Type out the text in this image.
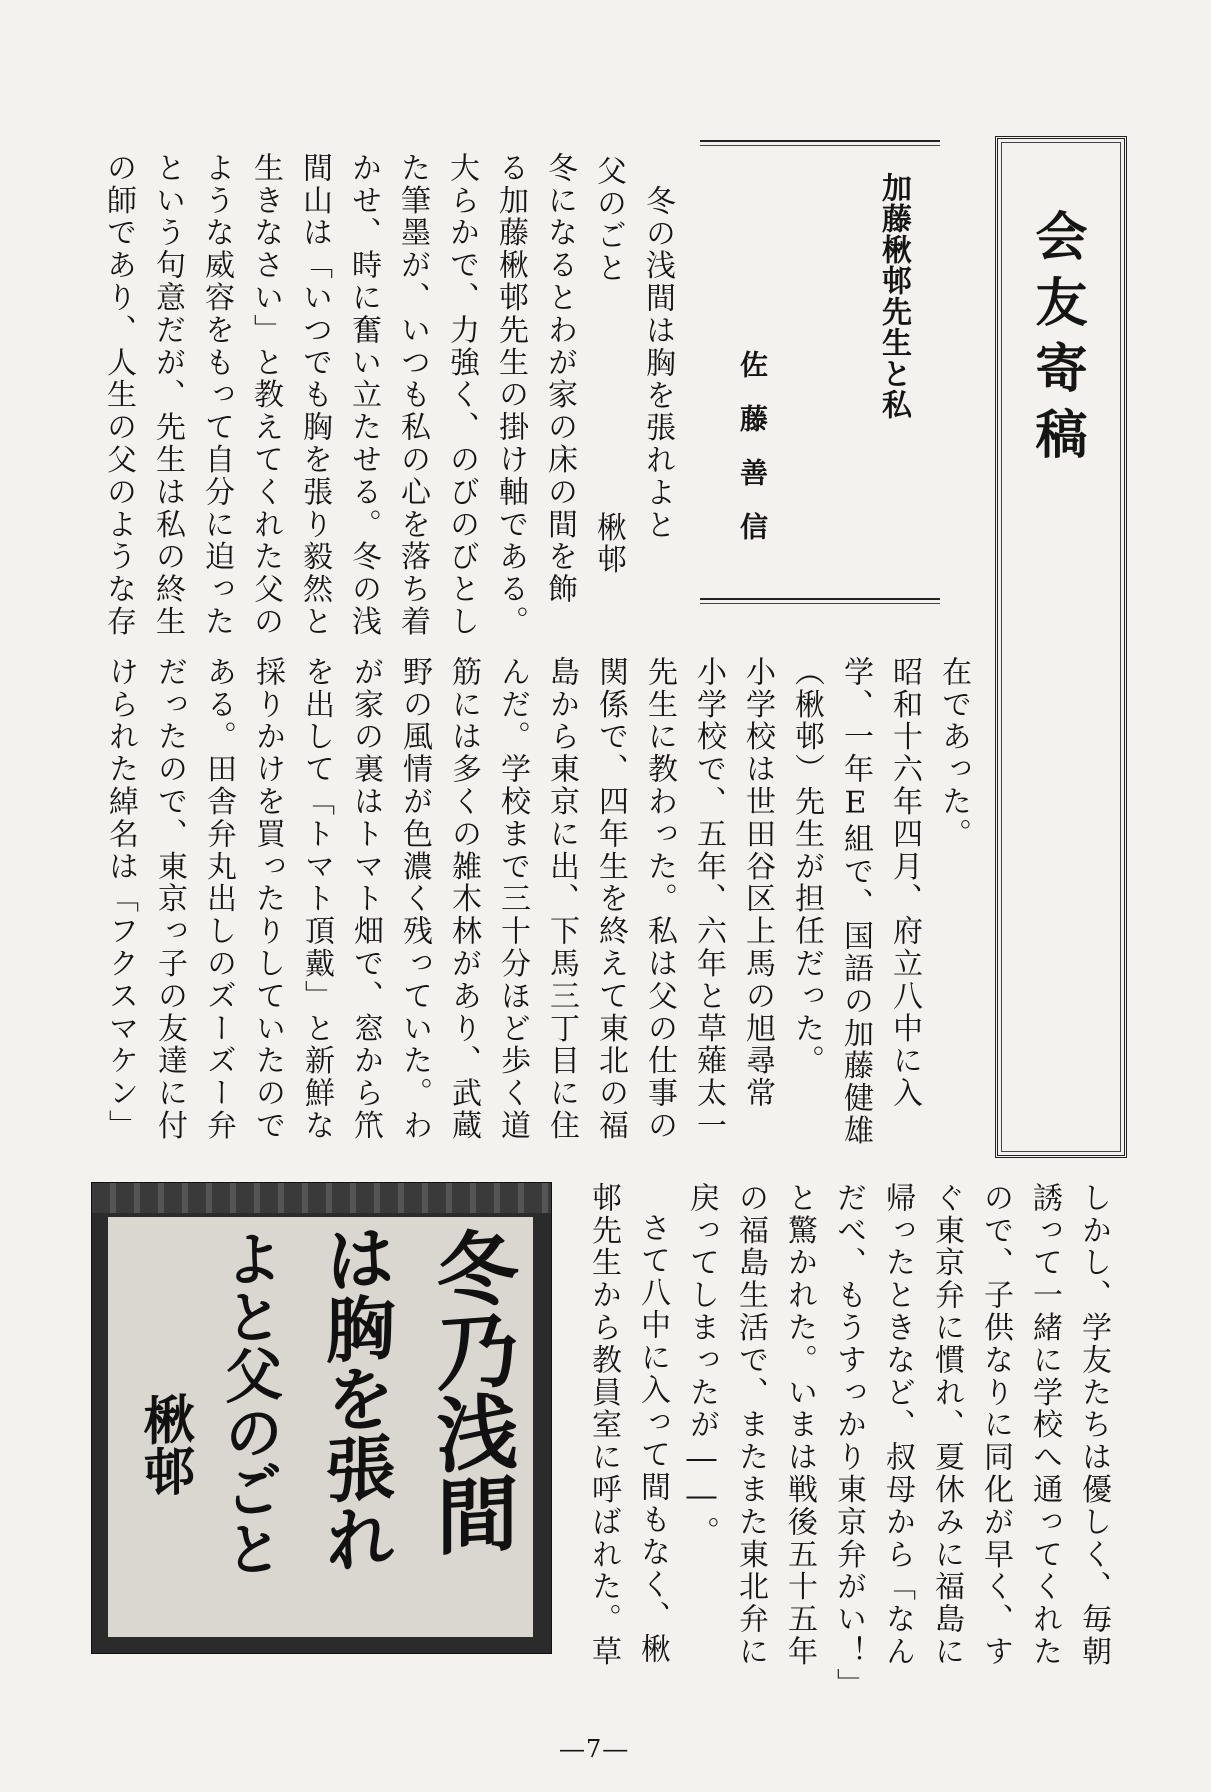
会友寄稿
加藤楸邨先生と私
佐藤善信
冬の浅間は胸を張れよと
父のごと　　　　　　　楸邨
冬になるとわが家の床の間を飾
る加藤楸邨先生の掛け軸である。
大らかで、力強く、のびのびとし
た筆墨が、いつも私の心を落ち着
かせ、時に奮い立たせる。冬の浅
間山は「いつでも胸を張り毅然と
生きなさい」と教えてくれた父の
ような威容をもって自分に迫った
という句意だが、先生は私の終生
の師であり、人生の父のような存
在であった。
昭和十六年四月、府立八中に入
学、一年E組で、国語の加藤健雄
（楸邨）先生が担任だった。
小学校は世田谷区上馬の旭尋常
小学校で、五年、六年と草薙太一
先生に教わった。私は父の仕事の
関係で、四年生を終えて東北の福
島から東京に出、下馬三丁目に住
んだ。学校まで三十分ほど歩く道
筋には多くの雑木林があり、武蔵
野の風情が色濃く残っていた。わ
が家の裏はトマト畑で、窓から笊
を出して「トマト頂戴」と新鮮な
採りかけを買ったりしていたので
ある。田舎弁丸出しのズーズー弁
だったので、東京っ子の友達に付
けられた綽名は「フクスマケン」
しかし、学友たちは優しく、毎朝
誘って一緒に学校へ通ってくれた
ので、子供なりに同化が早く、す
ぐ東京弁に慣れ、夏休みに福島に
帰ったときなど、叔母から「なん
だべ、もうすっかり東京弁がい！」
と驚かれた。いまは戦後五十五年
の福島生活で、またまた東北弁に
戻ってしまったが――。
さて八中に入って間もなく、楸
邨先生から教員室に呼ばれた。草
冬乃浅間
は胸を張れ
よと父のごと
楸邨
―7―
